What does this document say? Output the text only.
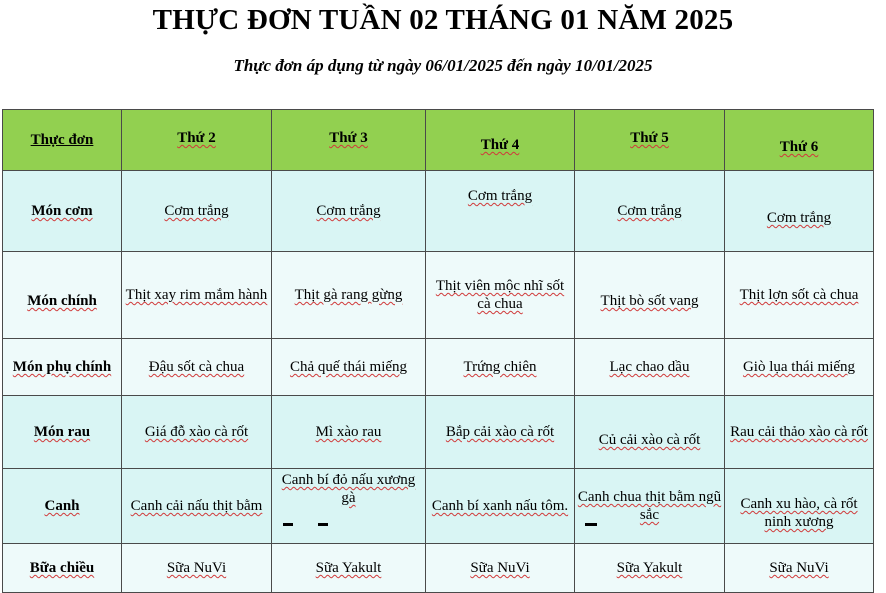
THỰC ĐƠN TUẦN 02 THÁNG 01 NĂM 2025
Thực đơn áp dụng từ ngày 06/01/2025 đến ngày 10/01/2025
Thực đơn	Thứ 2	Thứ 3	Thứ 4	Thứ 5	Thứ 6
Món cơm	Cơm trắng	Cơm trắng	Cơm trắng	Cơm trắng	Cơm trắng
Món chính	Thịt xay rim mắm hành	Thịt gà rang gừng	Thịt viên mộc nhĩ sốt cà chua	Thịt bò sốt vang	Thịt lợn sốt cà chua
Món phụ chính	Đậu sốt cà chua	Chả quế thái miếng	Trứng chiên	Lạc chao dầu	Giò lụa thái miếng
Món rau	Giá đỗ xào cà rốt	Mì xào rau	Bắp cải xào cà rốt	Củ cải xào cà rốt	Rau cải thảo xào cà rốt
Canh	Canh cải nấu thịt bằm	Canh bí đỏ nấu xương gà	Canh bí xanh nấu tôm.	Canh chua thịt bằm ngũ sắc	Canh xu hào, cà rốt ninh xương
Bữa chiều	Sữa NuVi	Sữa Yakult	Sữa NuVi	Sữa Yakult	Sữa NuVi
